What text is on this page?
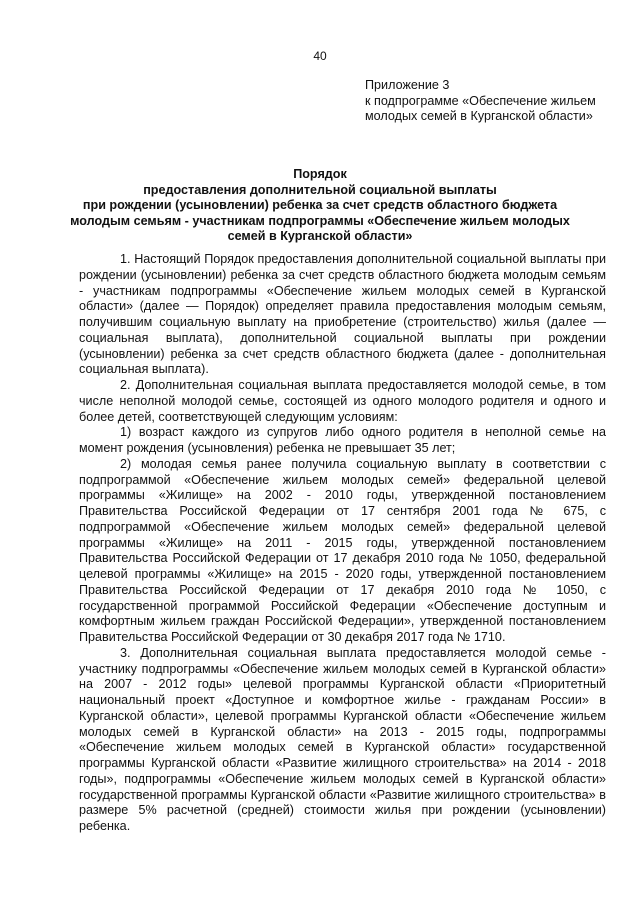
40
Приложение 3
к подпрограмме «Обеспечение жильем
молодых семей в Курганской области»
Порядок
предоставления дополнительной социальной выплаты
при рождении (усыновлении) ребенка за счет средств областного бюджета
молодым семьям - участникам подпрограммы «Обеспечение жильем молодых
семей в Курганской области»
1. Настоящий Порядок предоставления дополнительной социальной выплаты при рождении (усыновлении) ребенка за счет средств областного бюджета молодым семьям - участникам подпрограммы «Обеспечение жильем молодых семей в Курганской области» (далее — Порядок) определяет правила предоставления молодым семьям, получившим социальную выплату на приобретение (строительство) жилья (далее — социальная выплата), дополнительной социальной выплаты при рождении (усыновлении) ребенка за счет средств областного бюджета (далее - дополнительная социальная выплата).
2. Дополнительная социальная выплата предоставляется молодой семье, в том числе неполной молодой семье, состоящей из одного молодого родителя и одного и более детей, соответствующей следующим условиям:
1) возраст каждого из супругов либо одного родителя в неполной семье на момент рождения (усыновления) ребенка не превышает 35 лет;
2) молодая семья ранее получила социальную выплату в соответствии с подпрограммой «Обеспечение жильем молодых семей» федеральной целевой программы «Жилище» на 2002 - 2010 годы, утвержденной постановлением Правительства Российской Федерации от 17 сентября 2001 года № 675, с подпрограммой «Обеспечение жильем молодых семей» федеральной целевой программы «Жилище» на 2011 - 2015 годы, утвержденной постановлением Правительства Российской Федерации от 17 декабря 2010 года № 1050, федеральной целевой программы «Жилище» на 2015 - 2020 годы, утвержденной постановлением Правительства Российской Федерации от 17 декабря 2010 года № 1050, с государственной программой Российской Федерации «Обеспечение доступным и комфортным жильем граждан Российской Федерации», утвержденной постановлением Правительства Российской Федерации от 30 декабря 2017 года № 1710.
3. Дополнительная социальная выплата предоставляется молодой семье - участнику подпрограммы «Обеспечение жильем молодых семей в Курганской области» на 2007 - 2012 годы» целевой программы Курганской области «Приоритетный национальный проект «Доступное и комфортное жилье - гражданам России» в Курганской области», целевой программы Курганской области «Обеспечение жильем молодых семей в Курганской области» на 2013 - 2015 годы, подпрограммы «Обеспечение жильем молодых семей в Курганской области» государственной программы Курганской области «Развитие жилищного строительства» на 2014 - 2018 годы», подпрограммы «Обеспечение жильем молодых семей в Курганской области» государственной программы Курганской области «Развитие жилищного строительства» в размере 5% расчетной (средней) стоимости жилья при рождении (усыновлении) ребенка.
